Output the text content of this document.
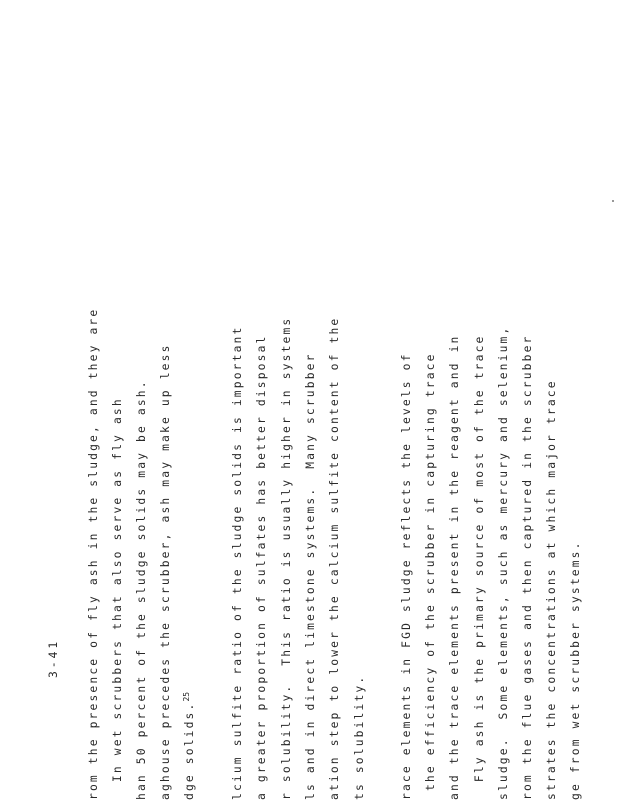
3-41 rom the presence of fly ash in the sludge, and they are In wet scrubbers that also serve as fly ash han 50 percent of the sludge solids may be ash. aghouse precedes the scrubber, ash may make up less dge solids.$^{25}$	lcium sulfite ratio of the sludge solids is important a greater proportion of sulfates has better disposal r solubility.  This ratio is usually higher in systems ls and in direct limestone systems.  Many scrubber ation step to lower the calcium sulfite content of the ts solubility.	race elements in FGD sludge reflects the levels of the efficiency of the scrubber in capturing trace and the trace elements present in the reagent and in Fly ash is the primary source of most of the trace sludge.  Some elements, such as mercury and selenium, rom the flue gases and then captured in the scrubber strates the concentrations at which major trace ge from wet scrubber systems.
